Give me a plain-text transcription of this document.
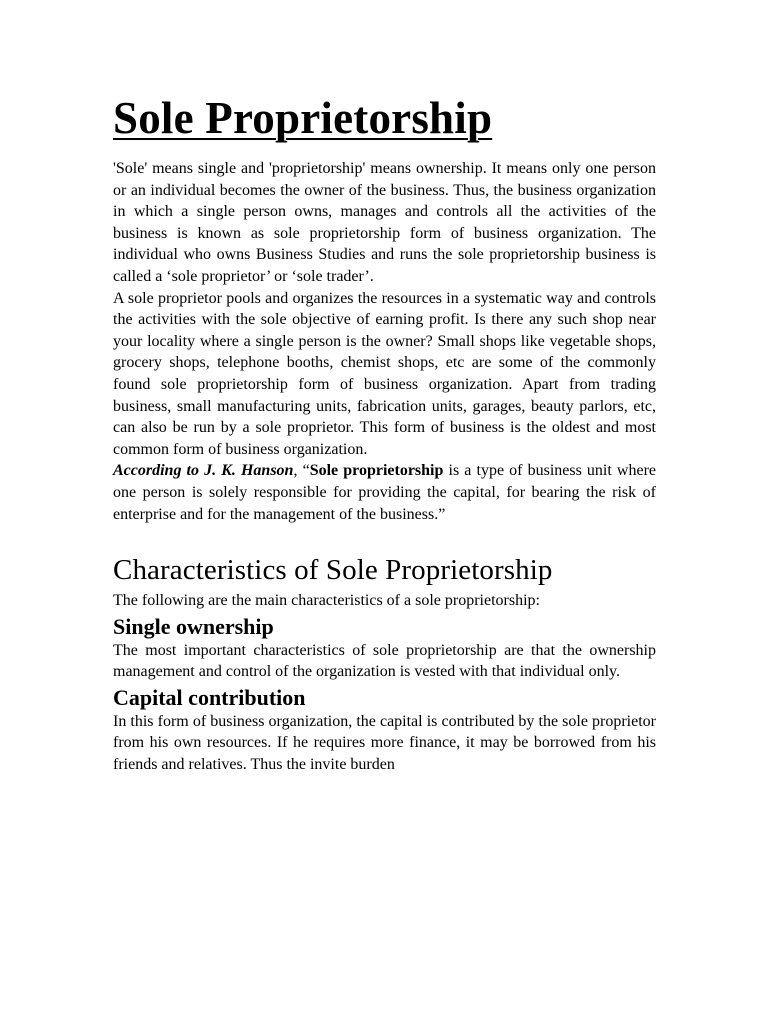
Sole Proprietorship

'Sole' means single and 'proprietorship' means ownership. It means only one person or an individual becomes the owner of the business. Thus, the business organization in which a single person owns, manages and controls all the activities of the business is known as sole proprietorship form of business organization. The individual who owns Business Studies and runs the sole proprietorship business is called a ‘sole proprietor’ or ‘sole trader’.

A sole proprietor pools and organizes the resources in a systematic way and controls the activities with the sole objective of earning profit. Is there any such shop near your locality where a single person is the owner? Small shops like vegetable shops, grocery shops, telephone booths, chemist shops, etc are some of the commonly found sole proprietorship form of business organization. Apart from trading business, small manufacturing units, fabrication units, garages, beauty parlors, etc, can also be run by a sole proprietor. This form of business is the oldest and most common form of business organization.

According to J. K. Hanson, “Sole proprietorship is a type of business unit where one person is solely responsible for providing the capital, for bearing the risk of enterprise and for the management of the business.”

Characteristics of Sole Proprietorship

The following are the main characteristics of a sole proprietorship:

Single ownership

The most important characteristics of sole proprietorship are that the ownership management and control of the organization is vested with that individual only.

Capital contribution

In this form of business organization, the capital is contributed by the sole proprietor from his own resources. If he requires more finance, it may be borrowed from his friends and relatives. Thus the invite burden
